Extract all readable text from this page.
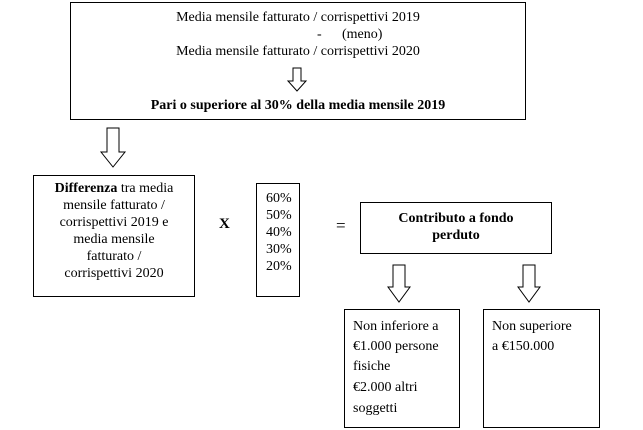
Media mensile fatturato / corrispettivi 2019
- (meno)
Media mensile fatturato / corrispettivi 2020
Pari o superiore al 30% della media mensile 2019
Differenza tra media
mensile fatturato /
corrispettivi 2019 e
media mensile
fatturato /
corrispettivi 2020
X
60%
50%
40%
30%
20%
=	Contributo a fondo
perduto
Non inferiore a
€1.000 persone
fisiche
€2.000 altri
soggetti
Non superiore
a €150.000
